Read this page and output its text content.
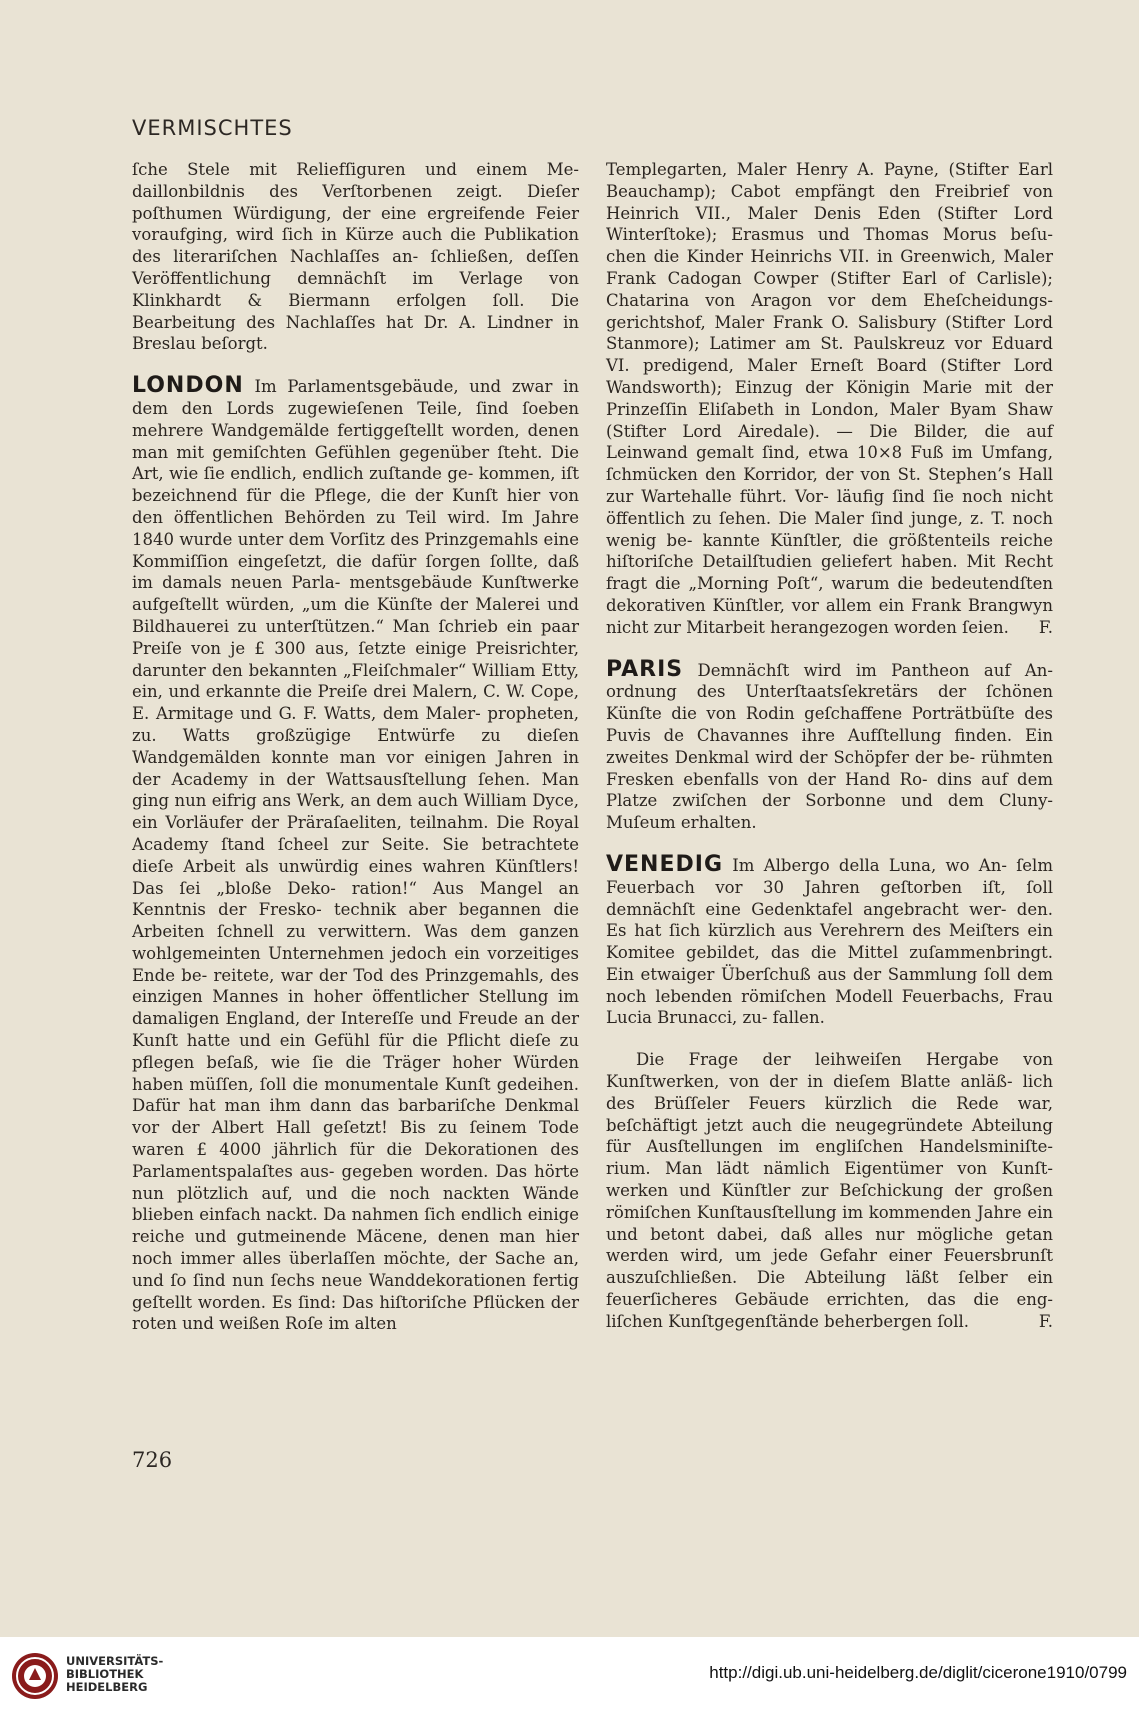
VERMISCHTES

ſche Stele mit Reliefſiguren und einem Me- daillonbildnis des Verſtorbenen zeigt. Dieſer poſthumen Würdigung, der eine ergreifende Feier voraufging, wird ſich in Kürze auch die Publikation des literariſchen Nachlaſſes an- ſchließen, deſſen Veröffentlichung demnächſt im Verlage von Klinkhardt & Biermann erfolgen ſoll. Die Bearbeitung des Nachlaſſes hat Dr. A. Lindner in Breslau beſorgt.

LONDON Im Parlamentsgebäude, und zwar in dem den Lords zugewieſenen Teile, ſind ſoeben mehrere Wandgemälde fertiggeſtellt worden, denen man mit gemiſchten Gefühlen gegenüber ſteht. Die Art, wie ſie endlich, endlich zuſtande ge- kommen, iſt bezeichnend für die Pflege, die der Kunſt hier von den öffentlichen Behörden zu Teil wird. Im Jahre 1840 wurde unter dem Vorſitz des Prinzgemahls eine Kommiſſion eingeſetzt, die dafür ſorgen ſollte, daß im damals neuen Parla- mentsgebäude Kunſtwerke aufgeſtellt würden, „um die Künſte der Malerei und Bildhauerei zu unterſtützen.“ Man ſchrieb ein paar Preiſe von je £ 300 aus, ſetzte einige Preisrichter, darunter den bekannten „Fleiſchmaler“ William Etty, ein, und erkannte die Preiſe drei Malern, C. W. Cope, E. Armitage und G. F. Watts, dem Maler- propheten, zu. Watts großzügige Entwürfe zu dieſen Wandgemälden konnte man vor einigen Jahren in der Academy in der Wattsausſtellung ſehen. Man ging nun eifrig ans Werk, an dem auch William Dyce, ein Vorläufer der Präraſaeliten, teilnahm. Die Royal Academy ſtand ſcheel zur Seite. Sie betrachtete dieſe Arbeit als unwürdig eines wahren Künſtlers! Das ſei „bloße Deko- ration!“ Aus Mangel an Kenntnis der Fresko- technik aber begannen die Arbeiten ſchnell zu verwittern. Was dem ganzen wohlgemeinten Unternehmen jedoch ein vorzeitiges Ende be- reitete, war der Tod des Prinzgemahls, des einzigen Mannes in hoher öffentlicher Stellung im damaligen England, der Intereſſe und Freude an der Kunſt hatte und ein Gefühl für die Pflicht dieſe zu pflegen beſaß, wie ſie die Träger hoher Würden haben müſſen, ſoll die monumentale Kunſt gedeihen. Dafür hat man ihm dann das barbariſche Denkmal vor der Albert Hall geſetzt! Bis zu ſeinem Tode waren £ 4000 jährlich für die Dekorationen des Parlamentspalaſtes aus- gegeben worden. Das hörte nun plötzlich auf, und die noch nackten Wände blieben einfach nackt. Da nahmen ſich endlich einige reiche und gutmeinende Mäcene, denen man hier noch immer alles überlaſſen möchte, der Sache an, und ſo ſind nun ſechs neue Wanddekorationen fertig geſtellt worden. Es ſind: Das hiſtoriſche Pflücken der roten und weißen Roſe im alten

Templegarten, Maler Henry A. Payne, (Stifter Earl Beauchamp); Cabot empfängt den Freibrief von Heinrich VII., Maler Denis Eden (Stifter Lord Winterſtoke); Erasmus und Thomas Morus beſu- chen die Kinder Heinrichs VII. in Greenwich, Maler Frank Cadogan Cowper (Stifter Earl of Carlisle); Chatarina von Aragon vor dem Eheſcheidungs- gerichtshof, Maler Frank O. Salisbury (Stifter Lord Stanmore); Latimer am St. Paulskreuz vor Eduard VI. predigend, Maler Erneſt Board (Stifter Lord Wandsworth); Einzug der Königin Marie mit der Prinzeſſin Eliſabeth in London, Maler Byam Shaw (Stifter Lord Airedale). — Die Bilder, die auf Leinwand gemalt ſind, etwa 10×8 Fuß im Umfang, ſchmücken den Korridor, der von St. Stephen’s Hall zur Wartehalle führt. Vor- läufig ſind ſie noch nicht öffentlich zu ſehen. Die Maler ſind junge, z. T. noch wenig be- kannte Künſtler, die größtenteils reiche hiſtoriſche Detailſtudien geliefert haben. Mit Recht fragt die „Morning Poſt“, warum die bedeutendſten dekorativen Künſtler, vor allem ein Frank Brangwyn nicht zur Mitarbeit herangezogen worden ſeien. F.

PARIS Demnächſt wird im Pantheon auf An- ordnung des Unterſtaatsſekretärs der ſchönen Künſte die von Rodin geſchaffene Porträtbüſte des Puvis de Chavannes ihre Aufſtellung finden. Ein zweites Denkmal wird der Schöpfer der be- rühmten Fresken ebenfalls von der Hand Ro- dins auf dem Platze zwiſchen der Sorbonne und dem Cluny-Muſeum erhalten.

VENEDIG Im Albergo della Luna, wo An- ſelm Feuerbach vor 30 Jahren geſtorben iſt, ſoll demnächſt eine Gedenktafel angebracht wer- den. Es hat ſich kürzlich aus Verehrern des Meiſters ein Komitee gebildet, das die Mittel zuſammenbringt. Ein etwaiger Überſchuß aus der Sammlung ſoll dem noch lebenden römiſchen Modell Feuerbachs, Frau Lucia Brunacci, zu- fallen.

Die Frage der leihweiſen Hergabe von Kunſtwerken, von der in dieſem Blatte anläß- lich des Brüſſeler Feuers kürzlich die Rede war, beſchäftigt jetzt auch die neugegründete Abteilung für Ausſtellungen im engliſchen Handelsminiſte- rium. Man lädt nämlich Eigentümer von Kunſt- werken und Künſtler zur Beſchickung der großen römiſchen Kunſtausſtellung im kommenden Jahre ein und betont dabei, daß alles nur mögliche getan werden wird, um jede Gefahr einer Feuersbrunſt auszuſchließen. Die Abteilung läßt ſelber ein feuerſicheres Gebäude errichten, das die eng- liſchen Kunſtgegenſtände beherbergen ſoll.	F.

726
UNIVERSITÄTS-
BIBLIOTHEK
HEIDELBERG
http://digi.ub.uni-heidelberg.de/diglit/cicerone1910/0799
